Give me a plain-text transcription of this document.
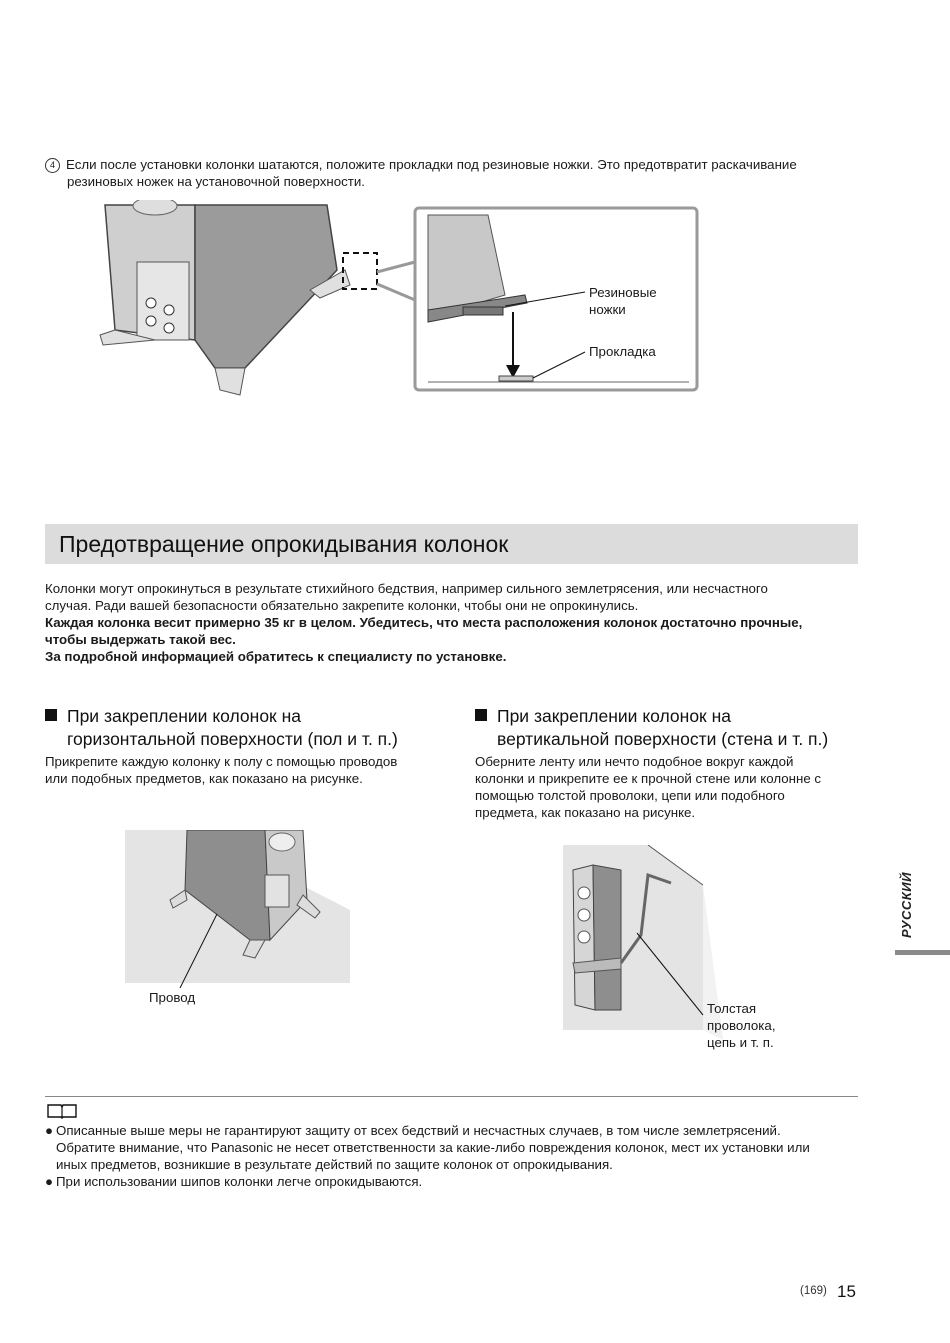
4 Если после установки колонки шатаются, положите прокладки под резиновые ножки. Это предотвратит раскачивание
резиновых ножек на установочной поверхности.
Резиновые
ножки
Прокладка
Предотвращение опрокидывания колонок
Колонки могут опрокинуться в результате стихийного бедствия, например сильного землетрясения, или несчастного
случая. Ради вашей безопасности обязательно закрепите колонки, чтобы они не опрокинулись.
Каждая колонка весит примерно 35 кг в целом. Убедитесь, что места расположения колонок достаточно прочные,
чтобы выдержать такой вес.
За подробной информацией обратитесь к специалисту по установке.
При закреплении колонок на
горизонтальной поверхности (пол и т. п.)
Прикрепите каждую колонку к полу с помощью проводов
или подобных предметов, как показано на рисунке.
Провод
При закреплении колонок на
вертикальной поверхности (стена и т. п.)
Оберните ленту или нечто подобное вокруг каждой
колонки и прикрепите ее к прочной стене или колонне с
помощью толстой проволоки, цепи или подобного
предмета, как показано на рисунке.
Толстая
проволока,
цепь и т. п.
● Описанные выше меры не гарантируют защиту от всех бедствий и несчастных случаев, в том числе землетрясений.
Обратите внимание, что Panasonic не несет ответственности за какие-либо повреждения колонок, мест их установки или
иных предметов, возникшие в результате действий по защите колонок от опрокидывания.
● При использовании шипов колонки легче опрокидываются.
РУССКИЙ
(169) 15
